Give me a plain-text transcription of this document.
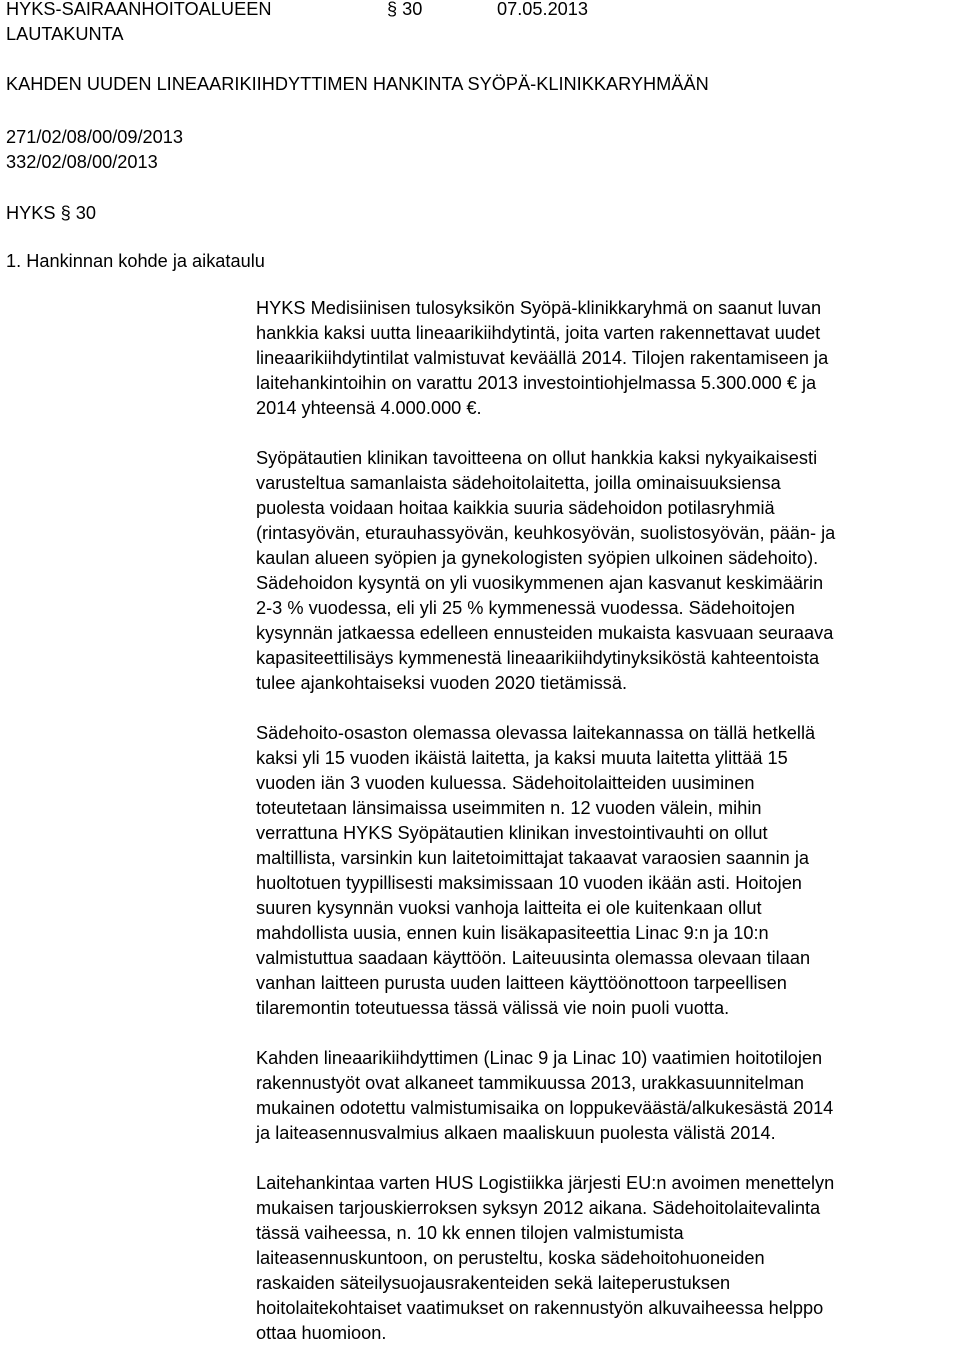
HYKS-SAIRAANHOITOALUEEN
LAUTAKUNTA
§ 30	07.05.2013
KAHDEN UUDEN LINEAARIKIIHDYTTIMEN HANKINTA SYÖPÄ-KLINIKKARYHMÄÄN
271/02/08/00/09/2013
332/02/08/00/2013
HYKS § 30
1. Hankinnan kohde ja aikataulu

HYKS Medisiinisen tulosyksikön Syöpä-klinikkaryhmä on saanut luvan
hankkia kaksi uutta lineaarikiihdytintä, joita varten rakennettavat uudet
lineaarikiihdytintilat valmistuvat keväällä 2014. Tilojen rakentamiseen ja
laitehankintoihin on varattu 2013 investointiohjelmassa 5.300.000 € ja
2014 yhteensä 4.000.000 €.

Syöpätautien klinikan tavoitteena on ollut hankkia kaksi nykyaikaisesti
varusteltua samanlaista sädehoitolaitetta, joilla ominaisuuksiensa
puolesta voidaan hoitaa kaikkia suuria sädehoidon potilasryhmiä
(rintasyövän, eturauhassyövän, keuhkosyövän, suolistosyövän, pään- ja
kaulan alueen syöpien ja gynekologisten syöpien ulkoinen sädehoito).
Sädehoidon kysyntä on yli vuosikymmenen ajan kasvanut keskimäärin
2-3 % vuodessa, eli yli 25 % kymmenessä vuodessa. Sädehoitojen
kysynnän jatkaessa edelleen ennusteiden mukaista kasvuaan seuraava
kapasiteettilisäys kymmenestä lineaarikiihdytinyksiköstä kahteentoista
tulee ajankohtaiseksi vuoden 2020 tietämissä.

Sädehoito-osaston olemassa olevassa laitekannassa on tällä hetkellä
kaksi yli 15 vuoden ikäistä laitetta, ja kaksi muuta laitetta ylittää 15
vuoden iän 3 vuoden kuluessa. Sädehoitolaitteiden uusiminen
toteutetaan länsimaissa useimmiten n. 12 vuoden välein, mihin
verrattuna HYKS Syöpätautien klinikan investointivauhti on ollut
maltillista, varsinkin kun laitetoimittajat takaavat varaosien saannin ja
huoltotuen tyypillisesti maksimissaan 10 vuoden ikään asti. Hoitojen
suuren kysynnän vuoksi vanhoja laitteita ei ole kuitenkaan ollut
mahdollista uusia, ennen kuin lisäkapasiteettia Linac 9:n ja 10:n
valmistuttua saadaan käyttöön. Laiteuusinta olemassa olevaan tilaan
vanhan laitteen purusta uuden laitteen käyttöönottoon tarpeellisen
tilaremontin toteutuessa tässä välissä vie noin puoli vuotta.

Kahden lineaarikiihdyttimen (Linac 9 ja Linac 10) vaatimien hoitotilojen
rakennustyöt ovat alkaneet tammikuussa 2013, urakkasuunnitelman
mukainen odotettu valmistumisaika on loppukeväästä/alkukesästä 2014
ja laiteasennusvalmius alkaen maaliskuun puolesta välistä 2014.

Laitehankintaa varten HUS Logistiikka järjesti EU:n avoimen menettelyn
mukaisen tarjouskierroksen syksyn 2012 aikana. Sädehoitolaitevalinta
tässä vaiheessa, n. 10 kk ennen tilojen valmistumista
laiteasennuskuntoon, on perusteltu, koska sädehoitohuoneiden
raskaiden säteilysuojausrakenteiden sekä laiteperustuksen
hoitolaitekohtaiset vaatimukset on rakennustyön alkuvaiheessa helppo
ottaa huomioon.
